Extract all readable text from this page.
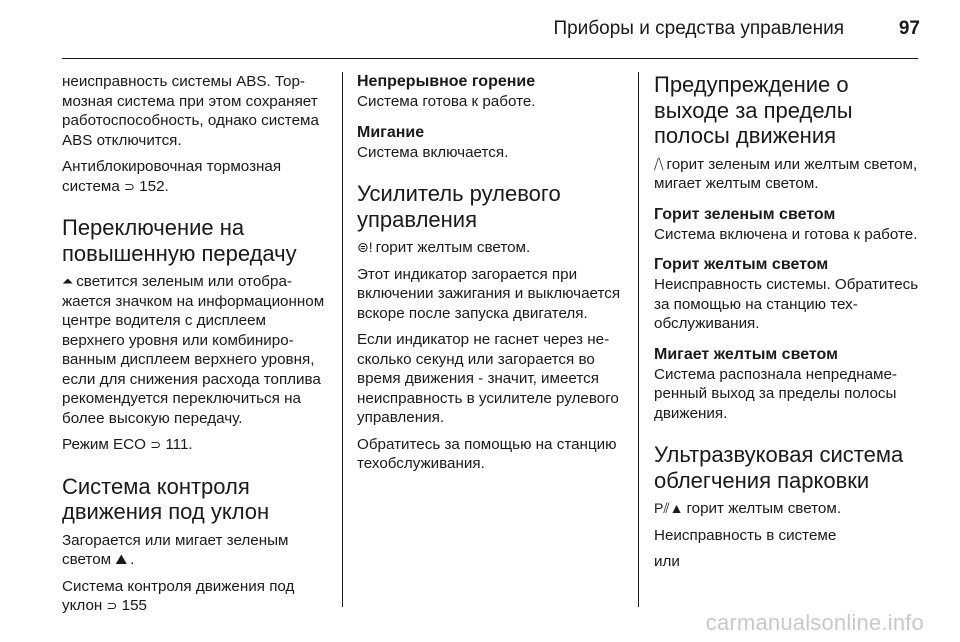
Приборы и средства управления	97

неисправность системы ABS. Тормозная система при этом сохраняет работоспособность, однако система ABS отключится.

Антиблокировочная тормозная система ⊃ 152.

Переключение на повышенную передачу

⏶ светится зеленым или отображается значком на информационном центре водителя с дисплеем верхнего уровня или комбинированным дисплеем верхнего уровня, если для снижения расхода топлива рекомендуется переключиться на более высокую передачу.

Режим ECO ⊃ 111.

Система контроля движения под уклон

Загорается или мигает зеленым светом ⛰ .

Система контроля движения под уклон ⊃ 155

Непрерывное горение

Система готова к работе.

Мигание

Система включается.

Усилитель рулевого управления

⊜! горит желтым светом.

Этот индикатор загорается при включении зажигания и выключается вскоре после запуска двигателя.

Если индикатор не гаснет через несколько секунд или загорается во время движения - значит, имеется неисправность в усилителе рулевого управления.

Обратитесь за помощью на станцию техобслуживания.

Предупреждение о выходе за пределы полосы движения

⧸⧹ горит зеленым или желтым светом, мигает желтым светом.

Горит зеленым светом

Система включена и готова к работе.

Горит желтым светом

Неисправность системы. Обратитесь за помощью на станцию техобслуживания.

Мигает желтым светом

Система распознала непреднамеренный выход за пределы полосы движения.

Ультразвуковая система облегчения парковки

P⫽▲ горит желтым светом.

Неисправность в системе

или

carmanualsonline.info
